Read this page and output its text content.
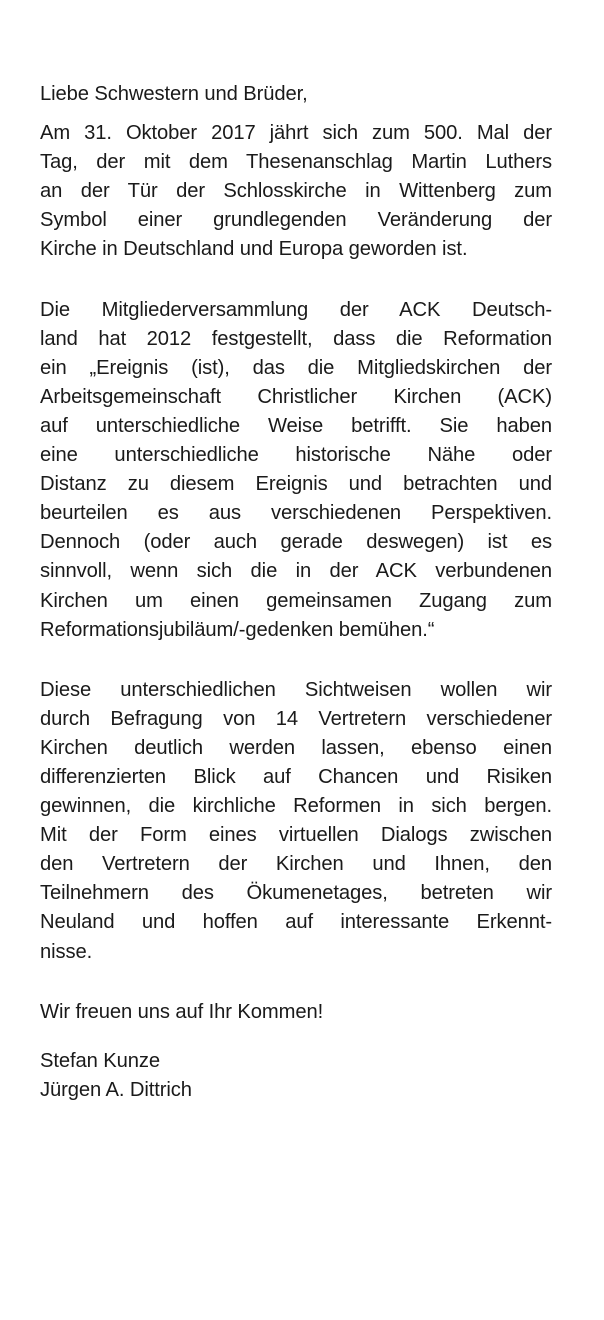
Liebe Schwestern und Brüder,
Am 31. Oktober 2017 jährt sich zum 500. Mal der
Tag, der mit dem Thesenanschlag Martin Luthers
an der Tür der Schlosskirche in Wittenberg zum
Symbol einer grundlegenden Veränderung der
Kirche in Deutschland und Europa geworden ist.
Die Mitgliederversammlung der ACK Deutsch-
land hat 2012 festgestellt, dass die Reformation
ein „Ereignis (ist), das die Mitgliedskirchen der
Arbeitsgemeinschaft Christlicher Kirchen (ACK)
auf unterschiedliche Weise betrifft. Sie haben
eine unterschiedliche historische Nähe oder
Distanz zu diesem Ereignis und betrachten und
beurteilen es aus verschiedenen Perspektiven.
Dennoch (oder auch gerade deswegen) ist es
sinnvoll, wenn sich die in der ACK verbundenen
Kirchen um einen gemeinsamen Zugang zum
Reformationsjubiläum/-gedenken bemühen.“
Diese unterschiedlichen Sichtweisen wollen wir
durch Befragung von 14 Vertretern verschiedener
Kirchen deutlich werden lassen, ebenso einen
differenzierten Blick auf Chancen und Risiken
gewinnen, die kirchliche Reformen in sich bergen.
Mit der Form eines virtuellen Dialogs zwischen
den Vertretern der Kirchen und Ihnen, den
Teilnehmern des Ökumenetages, betreten wir
Neuland und hoffen auf interessante Erkennt-
nisse.
Wir freuen uns auf Ihr Kommen!
Stefan Kunze
Jürgen A. Dittrich
